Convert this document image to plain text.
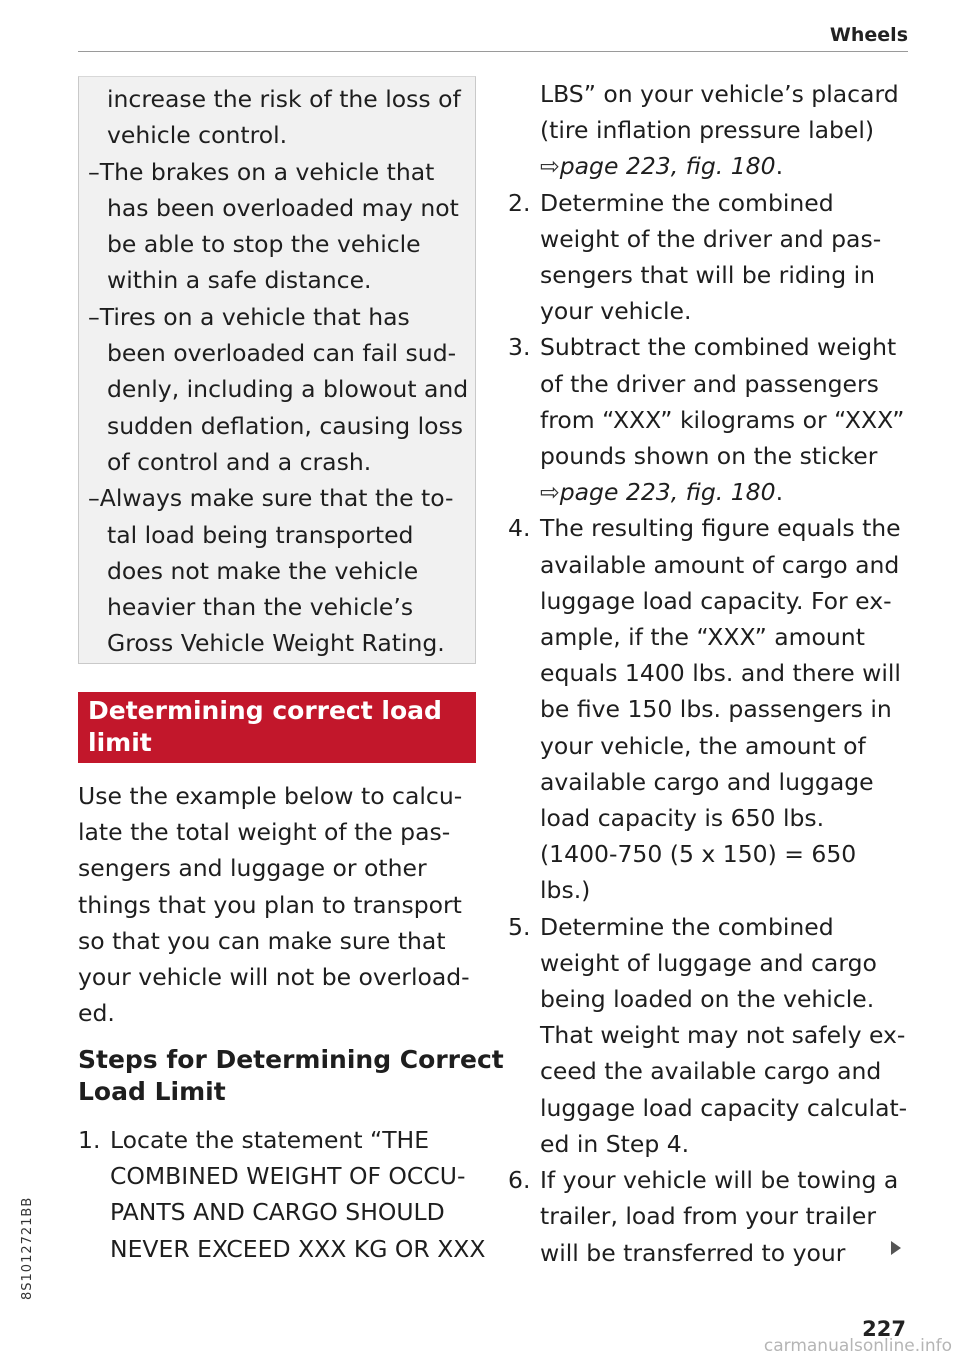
Wheels
8S1012721BB
increase the risk of the loss of
vehicle control.
–The brakes on a vehicle that
has been overloaded may not
be able to stop the vehicle
within a safe distance.
–Tires on a vehicle that has
been overloaded can fail sud-
denly, including a blowout and
sudden deflation, causing loss
of control and a crash.
–Always make sure that the to-
tal load being transported
does not make the vehicle
heavier than the vehicle’s
Gross Vehicle Weight Rating.
Determining correct load
limit
Use the example below to calcu-
late the total weight of the pas-
sengers and luggage or other
things that you plan to transport
so that you can make sure that
your vehicle will not be overload-
ed.
Steps for Determining Correct
Load Limit
1. Locate the statement “THE
COMBINED WEIGHT OF OCCU-
PANTS AND CARGO SHOULD
NEVER EXCEED XXX KG OR XXX
LBS” on your vehicle’s placard
(tire inflation pressure label)
⇨page 223, fig. 180.
2. Determine the combined
weight of the driver and pas-
sengers that will be riding in
your vehicle.
3. Subtract the combined weight
of the driver and passengers
from “XXX” kilograms or “XXX”
pounds shown on the sticker
⇨page 223, fig. 180.
4. The resulting figure equals the
available amount of cargo and
luggage load capacity. For ex-
ample, if the “XXX” amount
equals 1400 lbs. and there will
be five 150 lbs. passengers in
your vehicle, the amount of
available cargo and luggage
load capacity is 650 lbs.
(1400-750 (5 x 150) = 650
lbs.)
5. Determine the combined
weight of luggage and cargo
being loaded on the vehicle.
That weight may not safely ex-
ceed the available cargo and
luggage load capacity calculat-
ed in Step 4.
6. If your vehicle will be towing a
trailer, load from your trailer
will be transferred to your
227
carmanualsonline.info
